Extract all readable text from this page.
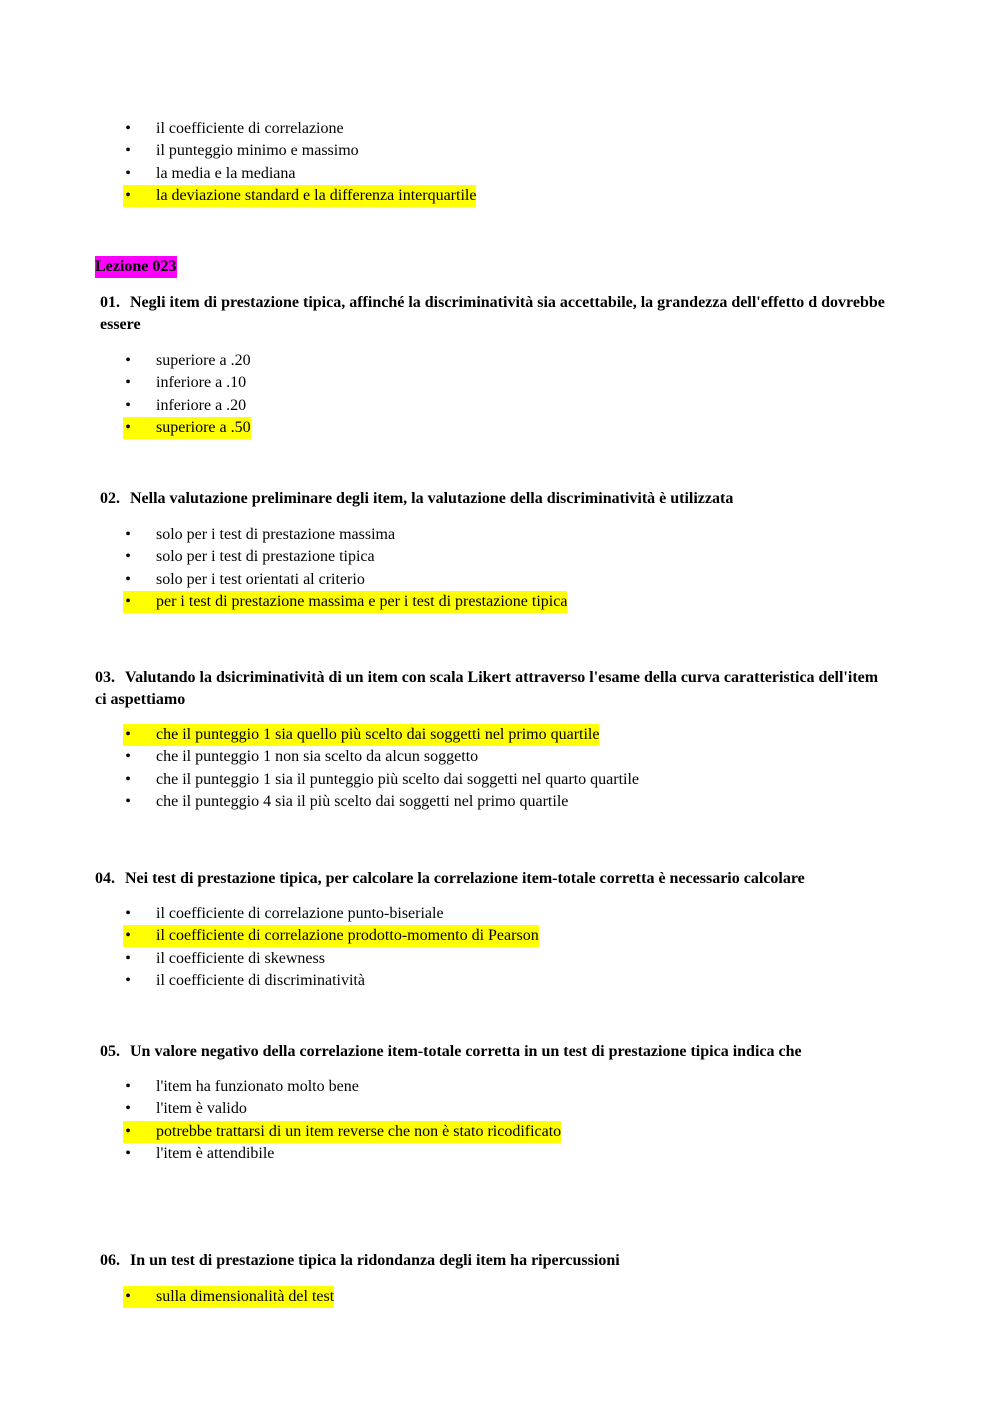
• il coefficiente di correlazione
• il punteggio minimo e massimo
• la media e la mediana
• la deviazione standard e la differenza interquartile
Lezione 023
01. Negli item di prestazione tipica, affinché la discriminatività sia accettabile, la grandezza dell'effetto d dovrebbe essere
• superiore a .20
• inferiore a .10
• inferiore a .20
• superiore a .50
02. Nella valutazione preliminare degli item, la valutazione della discriminatività è utilizzata
• solo per i test di prestazione massima
• solo per i test di prestazione tipica
• solo per i test orientati al criterio
• per i test di prestazione massima e per i test di prestazione tipica
03. Valutando la dsicriminatività di un item con scala Likert attraverso l'esame della curva caratteristica dell'item ci aspettiamo
• che il punteggio 1 sia quello più scelto dai soggetti nel primo quartile
• che il punteggio 1 non sia scelto da alcun soggetto
• che il punteggio 1 sia il punteggio più scelto dai soggetti nel quarto quartile
• che il punteggio 4 sia il più scelto dai soggetti nel primo quartile
04. Nei test di prestazione tipica, per calcolare la correlazione item-totale corretta è necessario calcolare
• il coefficiente di correlazione punto-biseriale
• il coefficiente di correlazione prodotto-momento di Pearson
• il coefficiente di skewness
• il coefficiente di discriminatività
05. Un valore negativo della correlazione item-totale corretta in un test di prestazione tipica indica che
• l'item ha funzionato molto bene
• l'item è valido
• potrebbe trattarsi di un item reverse che non è stato ricodificato
• l'item è attendibile
06. In un test di prestazione tipica la ridondanza degli item ha ripercussioni
• sulla dimensionalità del test
